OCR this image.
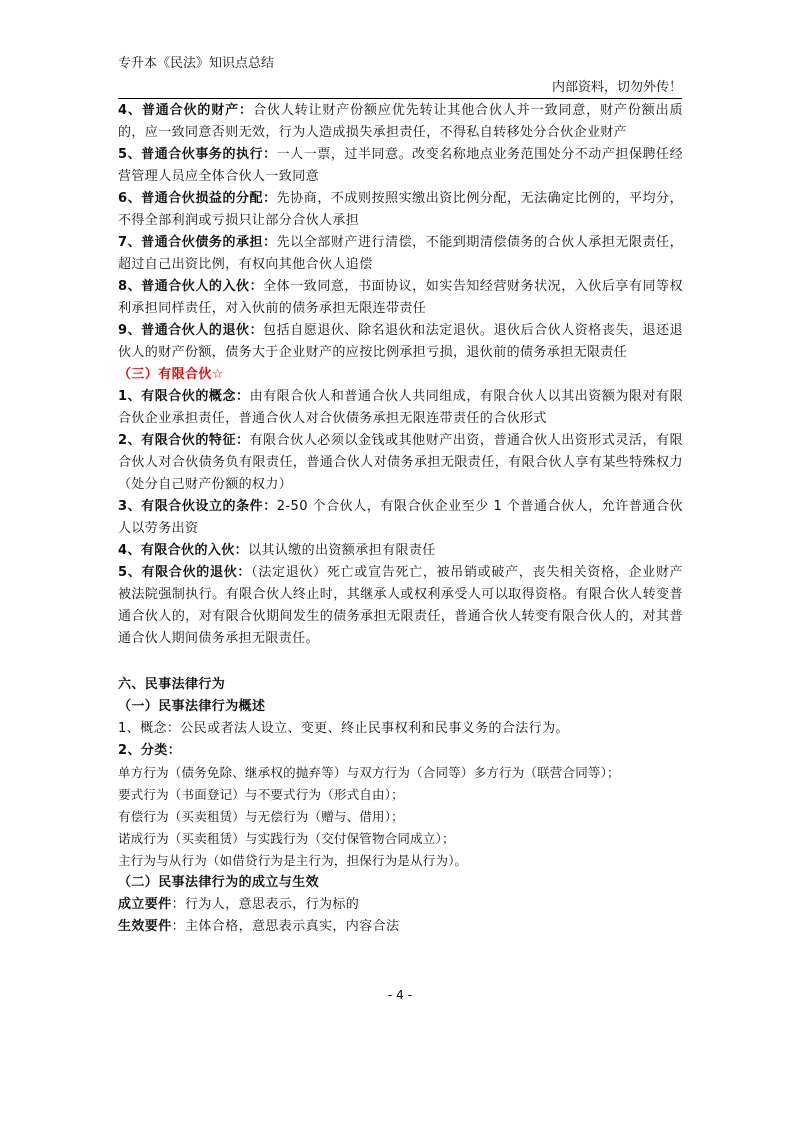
专升本《民法》知识点总结
内部资料，切勿外传！

4、普通合伙的财产：合伙人转让财产份额应优先转让其他合伙人并一致同意，财产份额出质的，应一致同意否则无效，行为人造成损失承担责任，不得私自转移处分合伙企业财产

5、普通合伙事务的执行：一人一票，过半同意。改变名称地点业务范围处分不动产担保聘任经营管理人员应全体合伙人一致同意

6、普通合伙损益的分配：先协商，不成则按照实缴出资比例分配，无法确定比例的，平均分，不得全部利润或亏损只让部分合伙人承担

7、普通合伙债务的承担：先以全部财产进行清偿，不能到期清偿债务的合伙人承担无限责任，超过自己出资比例，有权向其他合伙人追偿

8、普通合伙人的入伙：全体一致同意，书面协议，如实告知经营财务状况，入伙后享有同等权利承担同样责任，对入伙前的债务承担无限连带责任

9、普通合伙人的退伙：包括自愿退伙、除名退伙和法定退伙。退伙后合伙人资格丧失，退还退伙人的财产份额，债务大于企业财产的应按比例承担亏损，退伙前的债务承担无限责任

（三）有限合伙☆

1、有限合伙的概念：由有限合伙人和普通合伙人共同组成，有限合伙人以其出资额为限对有限合伙企业承担责任，普通合伙人对合伙债务承担无限连带责任的合伙形式

2、有限合伙的特征：有限合伙人必须以金钱或其他财产出资，普通合伙人出资形式灵活，有限合伙人对合伙债务负有限责任，普通合伙人对债务承担无限责任，有限合伙人享有某些特殊权力（处分自己财产份额的权力）

3、有限合伙设立的条件：2-50 个合伙人，有限合伙企业至少 1 个普通合伙人，允许普通合伙人以劳务出资

4、有限合伙的入伙：以其认缴的出资额承担有限责任

5、有限合伙的退伙：（法定退伙）死亡或宣告死亡，被吊销或破产，丧失相关资格，企业财产被法院强制执行。有限合伙人终止时，其继承人或权利承受人可以取得资格。有限合伙人转变普通合伙人的，对有限合伙期间发生的债务承担无限责任，普通合伙人转变有限合伙人的，对其普通合伙人期间债务承担无限责任。

六、民事法律行为

（一）民事法律行为概述

1、概念：公民或者法人设立、变更、终止民事权利和民事义务的合法行为。

2、分类：

单方行为（债务免除、继承权的抛弃等）与双方行为（合同等）多方行为（联营合同等）；

要式行为（书面登记）与不要式行为（形式自由）；

有偿行为（买卖租赁）与无偿行为（赠与、借用）；

诺成行为（买卖租赁）与实践行为（交付保管物合同成立）；

主行为与从行为（如借贷行为是主行为，担保行为是从行为）。

（二）民事法律行为的成立与生效

成立要件：行为人，意思表示，行为标的

生效要件：主体合格，意思表示真实，内容合法

- 4 -
